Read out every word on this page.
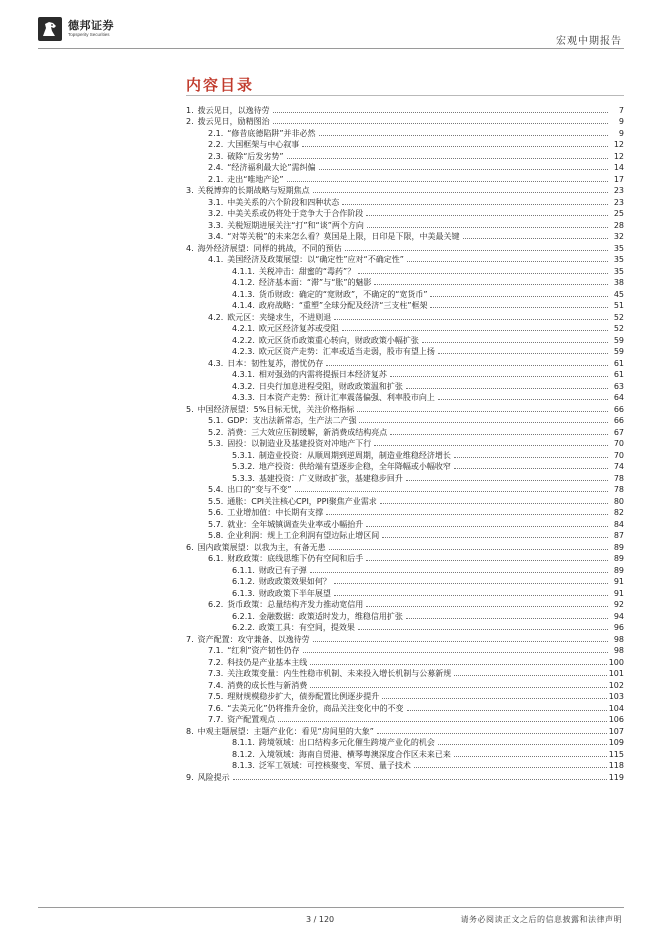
德邦证券
Topsperity Securities
宏观中期报告
内容目录
1. 拨云见日，以逸待劳	7
2. 拨云见日，励精图治	9
2.1. “修昔底德陷阱”并非必然	9
2.2. 大国框架与中心叙事	12
2.3. 破除“后发劣势”	12
2.4. “经济福利最大论”需纠偏	14
2.1. 走出“唯地产论”	17
3. 关税博弈的长期战略与短期焦点	23
3.1. 中美关系的六个阶段和四种状态	23
3.2. 中美关系或仍将处于竞争大于合作阶段	25
3.3. 关税短期进展关注“打”和“谈”两个方向	28
3.4. “对等关税”的未来怎么看？莫国是上限，日印是下限，中美最关键	32
4. 海外经济展望：同样的挑战，不同的预估	35
4.1. 美国经济及政策展望：以“确定性”应对“不确定性”	35
4.1.1. 关税冲击：甜蜜的“毒药”？	35
4.1.2. 经济基本面：“滞”与“胀”的魅影	38
4.1.3. 货币财政：确定的“宽财政”，不确定的“宽货币”	45
4.1.4. 政府战略：“重塑”全球分配及经济“三支柱”框架	51
4.2. 欧元区：夹缝求生，不进则退	52
4.2.1. 欧元区经济复苏或受阻	52
4.2.2. 欧元区货币政策重心转向，财政政策小幅扩张	59
4.2.3. 欧元区资产走势：汇率或适当走弱，股市有望上扬	59
4.3. 日本：韧性复苏，潜忧仍存	61
4.3.1. 相对强劲的内需将提振日本经济复苏	61
4.3.2. 日央行加息进程受阻，财政政策温和扩张	63
4.3.3. 日本资产走势：预计汇率震荡偏强、利率股市向上	64
5. 中国经济展望：5%目标无忧，关注价格指标	66
5.1. GDP：支出法新常态，生产法二产强	66
5.2. 消费：三大效应压制缓解，新消费成结构亮点	67
5.3. 固投：以制造业及基建投资对冲地产下行	70
5.3.1. 制造业投资：从顺周期到逆周期，制造业维稳经济增长	70
5.3.2. 地产投资：供给端有望逐步企稳，全年降幅或小幅收窄	74
5.3.3. 基建投资：广义财政扩张，基建稳步回升	78
5.4. 出口的“变与不变”	78
5.5. 通胀：CPI关注核心CPI，PPI聚焦产业需求	80
5.6. 工业增加值：中长期有支撑	82
5.7. 就业：全年城镇调查失业率或小幅抬升	84
5.8. 企业利润：规上工企利润有望边际止增区间	87
6. 国内政策展望：以我为主，有备无患	89
6.1. 财政政策：底线思维下仍有空间和后手	89
6.1.1. 财政已有子弹	89
6.1.2. 财政政策效果如何？	91
6.1.3. 财政政策下半年展望	91
6.2. 货币政策：总量结构齐发力推动宽信用	92
6.2.1. 金融数据：政策适时发力，维稳信用扩张	94
6.2.2. 政策工具：有空间，提效果	96
7. 资产配置：攻守兼备、以逸待劳	98
7.1. “红利”资产韧性仍存	98
7.2. 科技仍是产业基本主线	100
7.3. 关注政策变量：内生性稳市机制、未来投入增长机制与公募新规	101
7.4. 消费的成长性与新消费	102
7.5. 理财规模稳步扩大，债券配置比例逐步提升	103
7.6. “去美元化”仍将推升金价，商品关注变化中的不变	104
7.7. 资产配置观点	106
8. 中观主题展望：主题产业化：看见“房间里的大象”	107
8.1.1. 跨境领域：出口结构多元化催生跨境产业化的机会	109
8.1.2. 入境领域：海南自贸港、横琴粤澳深度合作区未来已来	115
8.1.3. 泛军工领域：可控核聚变、军贸、量子技术	118
9. 风险提示	119
3 / 120	请务必阅读正文之后的信息披露和法律声明
